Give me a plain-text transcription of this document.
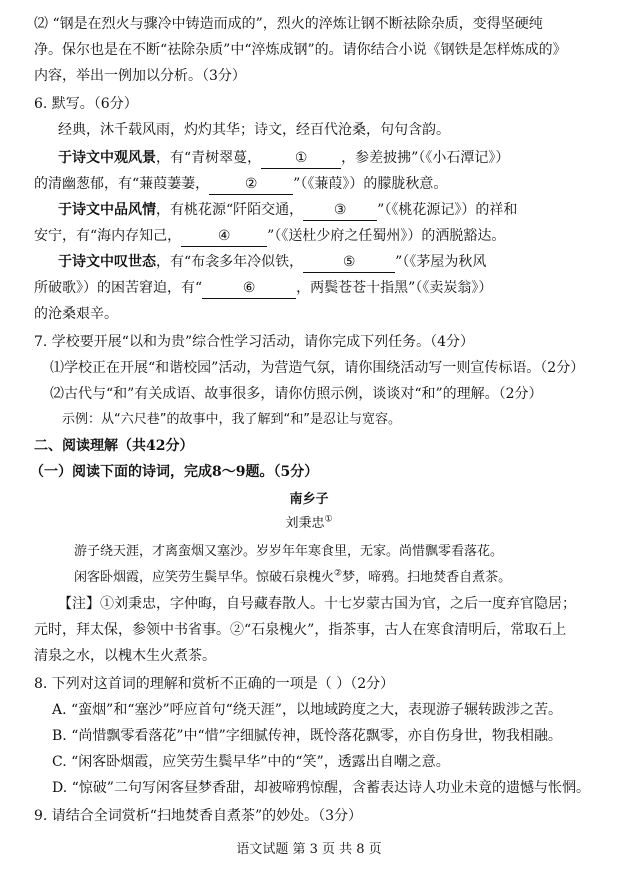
⑵ “钢是在烈火与骤冷中铸造而成的”，烈火的淬炼让钢不断祛除杂质，变得坚硬纯
净。保尔也是在不断“祛除杂质”中“淬炼成钢”的。请你结合小说《钢铁是怎样炼成的》
内容，举出一例加以分析。（3分）
6. 默写。（6分）
经典，沐千载风雨，灼灼其华；诗文，经百代沧桑，句句含韵。
于诗文中观风景，有“青树翠蔓， ① ，参差披拂”（《小石潭记》）
的清幽葱郁，有“蒹葭萋萋，	②	”（《蒹葭》）的朦胧秋意。
于诗文中品风情，有桃花源“阡陌交通， ③ ”（《桃花源记》）的祥和
安宁，有“海内存知己，	④	”（《送杜少府之任蜀州》）的洒脱豁达。
于诗文中叹世态，有“布衾多年冷似铁，	⑤	”（《茅屋为秋风
所破歌》）的困苦窘迫，有“	⑥	，两鬓苍苍十指黑”（《卖炭翁》）
的沧桑艰辛。
7. 学校要开展“以和为贵”综合性学习活动，请你完成下列任务。（4分）
⑴学校正在开展“和谐校园”活动，为营造气氛，请你围绕活动写一则宣传标语。（2分）
⑵古代与“和”有关成语、故事很多，请你仿照示例，谈谈对“和”的理解。（2分）
示例：从“六尺巷”的故事中，我了解到“和”是忍让与宽容。
二、阅读理解（共42分）
（一）阅读下面的诗词，完成8～9题。（5分）
南乡子
刘秉忠①
游子绕天涯，才离蛮烟又塞沙。岁岁年年寒食里，无家。尚惜飘零看落花。
闲客卧烟霞，应笑劳生鬓早华。惊破石泉槐火②梦，啼鸦。扫地焚香自煮茶。
【注】①刘秉忠，字仲晦，自号藏春散人。十七岁蒙古国为官，之后一度弃官隐居；
元时，拜太保，参领中书省事。②“石泉槐火”，指茶事，古人在寒食清明后，常取石上
清泉之水，以槐木生火煮茶。
8. 下列对这首词的理解和赏析不正确的一项是（ ）（2分）
A. “蛮烟”和“塞沙”呼应首句“绕天涯”，以地域跨度之大，表现游子辗转跋涉之苦。
B. “尚惜飘零看落花”中“惜”字细腻传神，既怜落花飘零，亦自伤身世，物我相融。
C. “闲客卧烟霞，应笑劳生鬓早华”中的“笑”，透露出自嘲之意。
D. “惊破”二句写闲客昼梦香甜，却被啼鸦惊醒，含蓄表达诗人功业未竟的遗憾与怅惘。
9. 请结合全词赏析“扫地焚香自煮茶”的妙处。（3分）
语文试题 第 3 页 共 8 页
